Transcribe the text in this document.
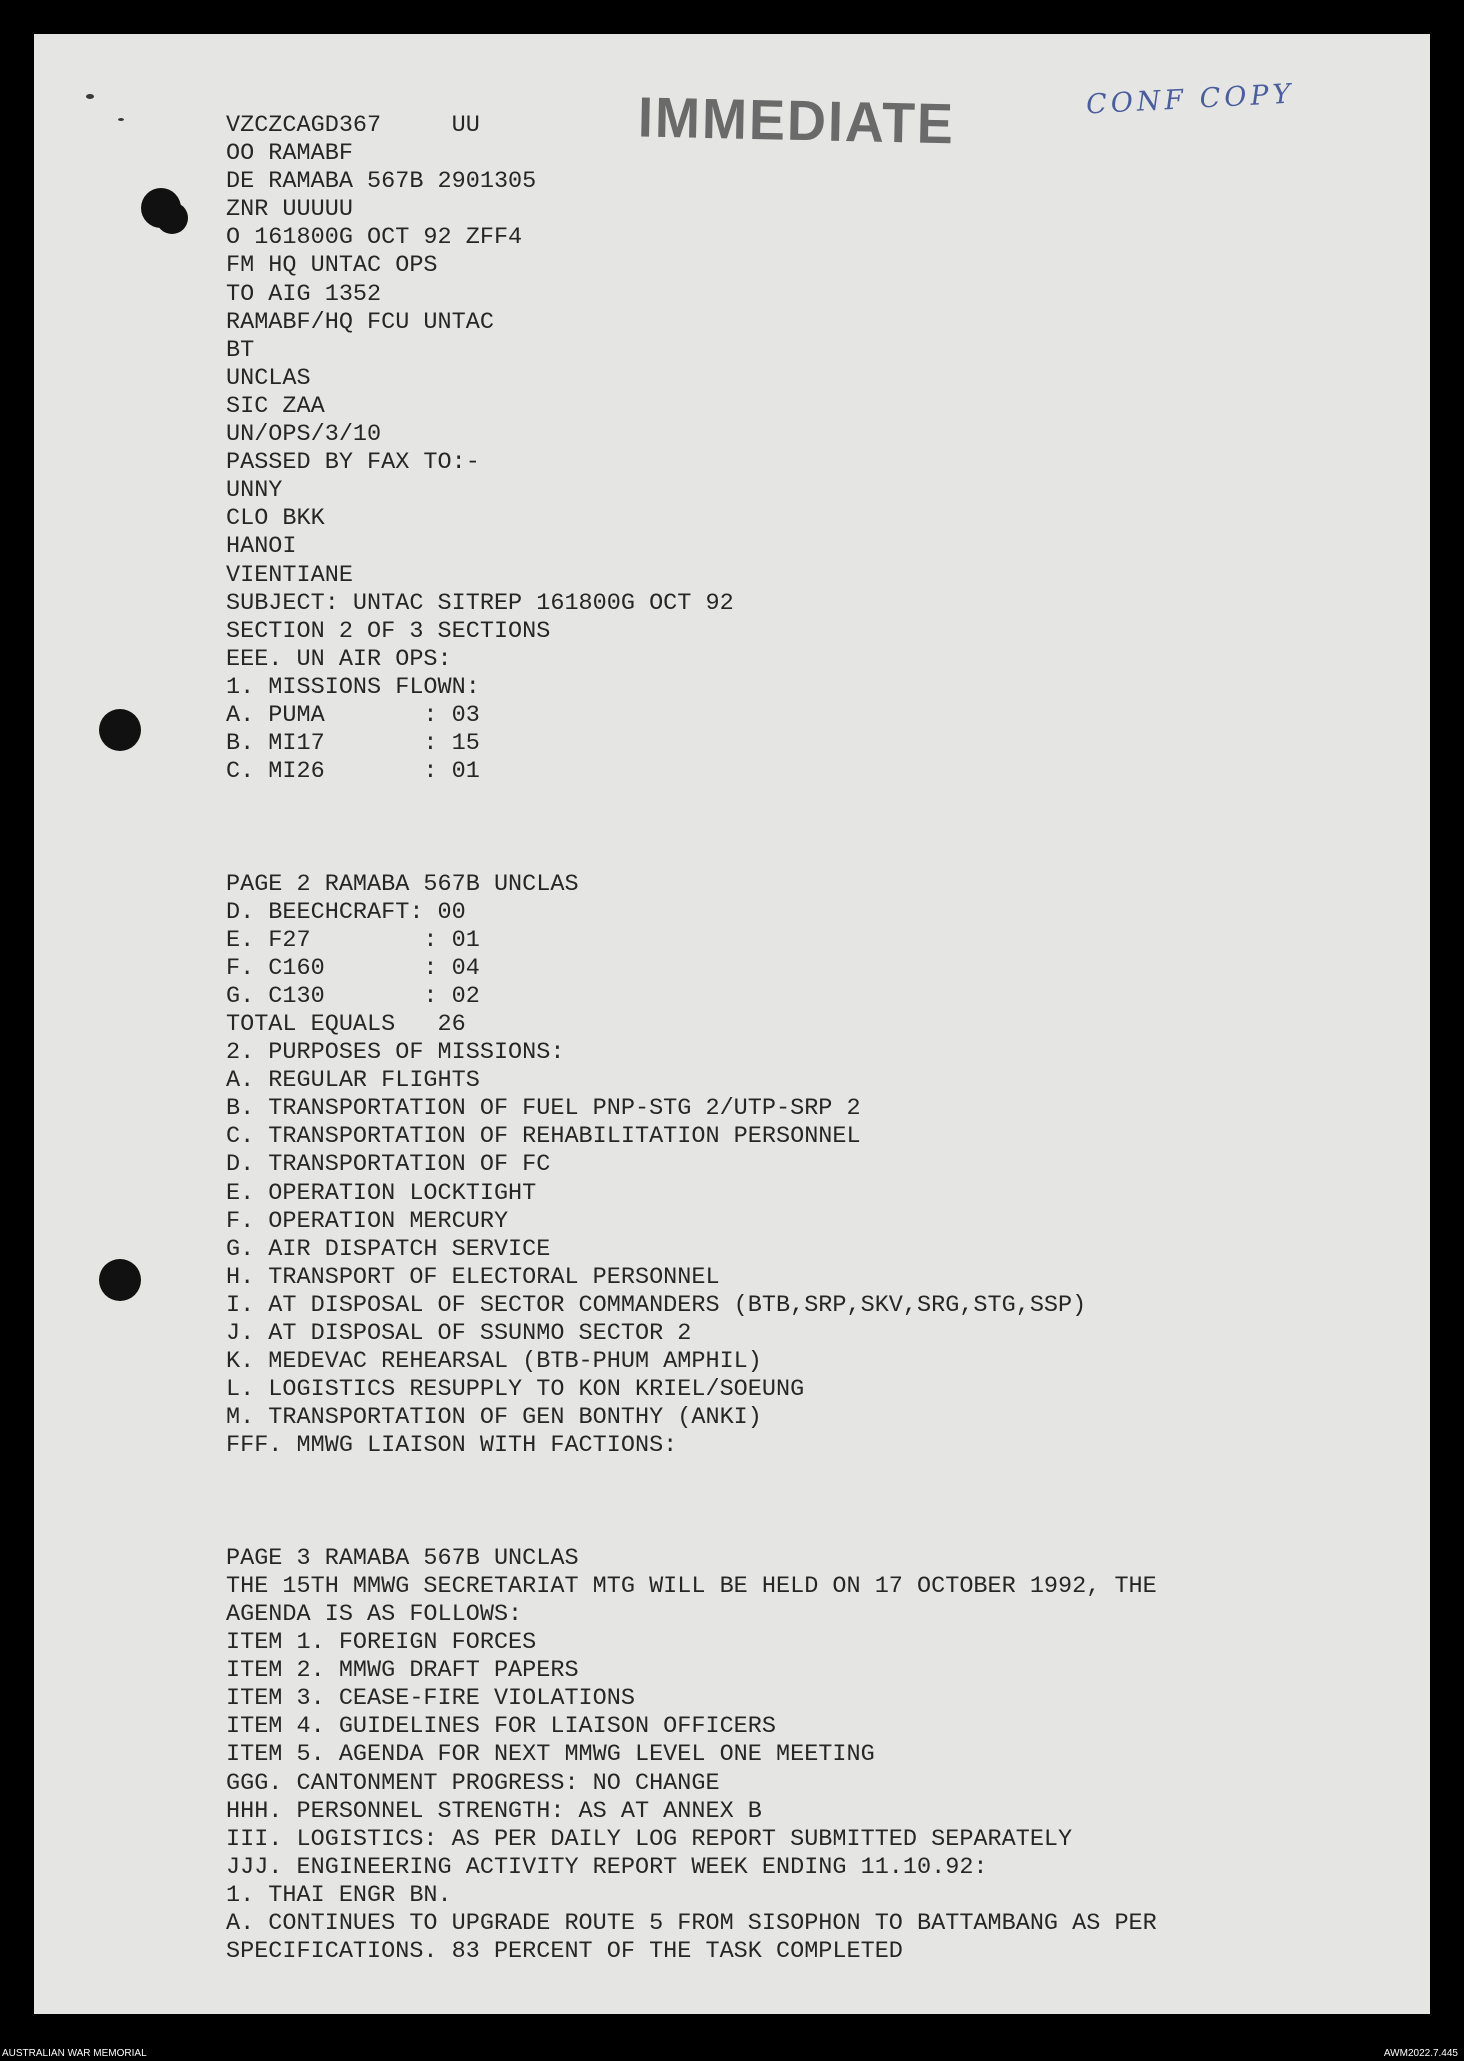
IMMEDIATE	CONF COPY
VZCZCAGD367     UU
OO RAMABF
DE RAMABA 567B 2901305
ZNR UUUUU
O 161800G OCT 92 ZFF4
FM HQ UNTAC OPS
TO AIG 1352
RAMABF/HQ FCU UNTAC
BT
UNCLAS
SIC ZAA
UN/OPS/3/10
PASSED BY FAX TO:-
UNNY
CLO BKK
HANOI
VIENTIANE
SUBJECT: UNTAC SITREP 161800G OCT 92
SECTION 2 OF 3 SECTIONS
EEE. UN AIR OPS:
1. MISSIONS FLOWN:
A. PUMA       : 03
B. MI17       : 15
C. MI26       : 01

PAGE 2 RAMABA 567B UNCLAS
D. BEECHCRAFT: 00
E. F27        : 01
F. C160       : 04
G. C130       : 02
TOTAL EQUALS   26
2. PURPOSES OF MISSIONS:
A. REGULAR FLIGHTS
B. TRANSPORTATION OF FUEL PNP-STG 2/UTP-SRP 2
C. TRANSPORTATION OF REHABILITATION PERSONNEL
D. TRANSPORTATION OF FC
E. OPERATION LOCKTIGHT
F. OPERATION MERCURY
G. AIR DISPATCH SERVICE
H. TRANSPORT OF ELECTORAL PERSONNEL
I. AT DISPOSAL OF SECTOR COMMANDERS (BTB,SRP,SKV,SRG,STG,SSP)
J. AT DISPOSAL OF SSUNMO SECTOR 2
K. MEDEVAC REHEARSAL (BTB-PHUM AMPHIL)
L. LOGISTICS RESUPPLY TO KON KRIEL/SOEUNG
M. TRANSPORTATION OF GEN BONTHY (ANKI)
FFF. MMWG LIAISON WITH FACTIONS:

PAGE 3 RAMABA 567B UNCLAS
THE 15TH MMWG SECRETARIAT MTG WILL BE HELD ON 17 OCTOBER 1992, THE
AGENDA IS AS FOLLOWS:
ITEM 1. FOREIGN FORCES
ITEM 2. MMWG DRAFT PAPERS
ITEM 3. CEASE-FIRE VIOLATIONS
ITEM 4. GUIDELINES FOR LIAISON OFFICERS
ITEM 5. AGENDA FOR NEXT MMWG LEVEL ONE MEETING
GGG. CANTONMENT PROGRESS: NO CHANGE
HHH. PERSONNEL STRENGTH: AS AT ANNEX B
III. LOGISTICS: AS PER DAILY LOG REPORT SUBMITTED SEPARATELY
JJJ. ENGINEERING ACTIVITY REPORT WEEK ENDING 11.10.92:
1. THAI ENGR BN.
A. CONTINUES TO UPGRADE ROUTE 5 FROM SISOPHON TO BATTAMBANG AS PER
SPECIFICATIONS. 83 PERCENT OF THE TASK COMPLETED
AUSTRALIAN WAR MEMORIAL	AWM2022.7.445
